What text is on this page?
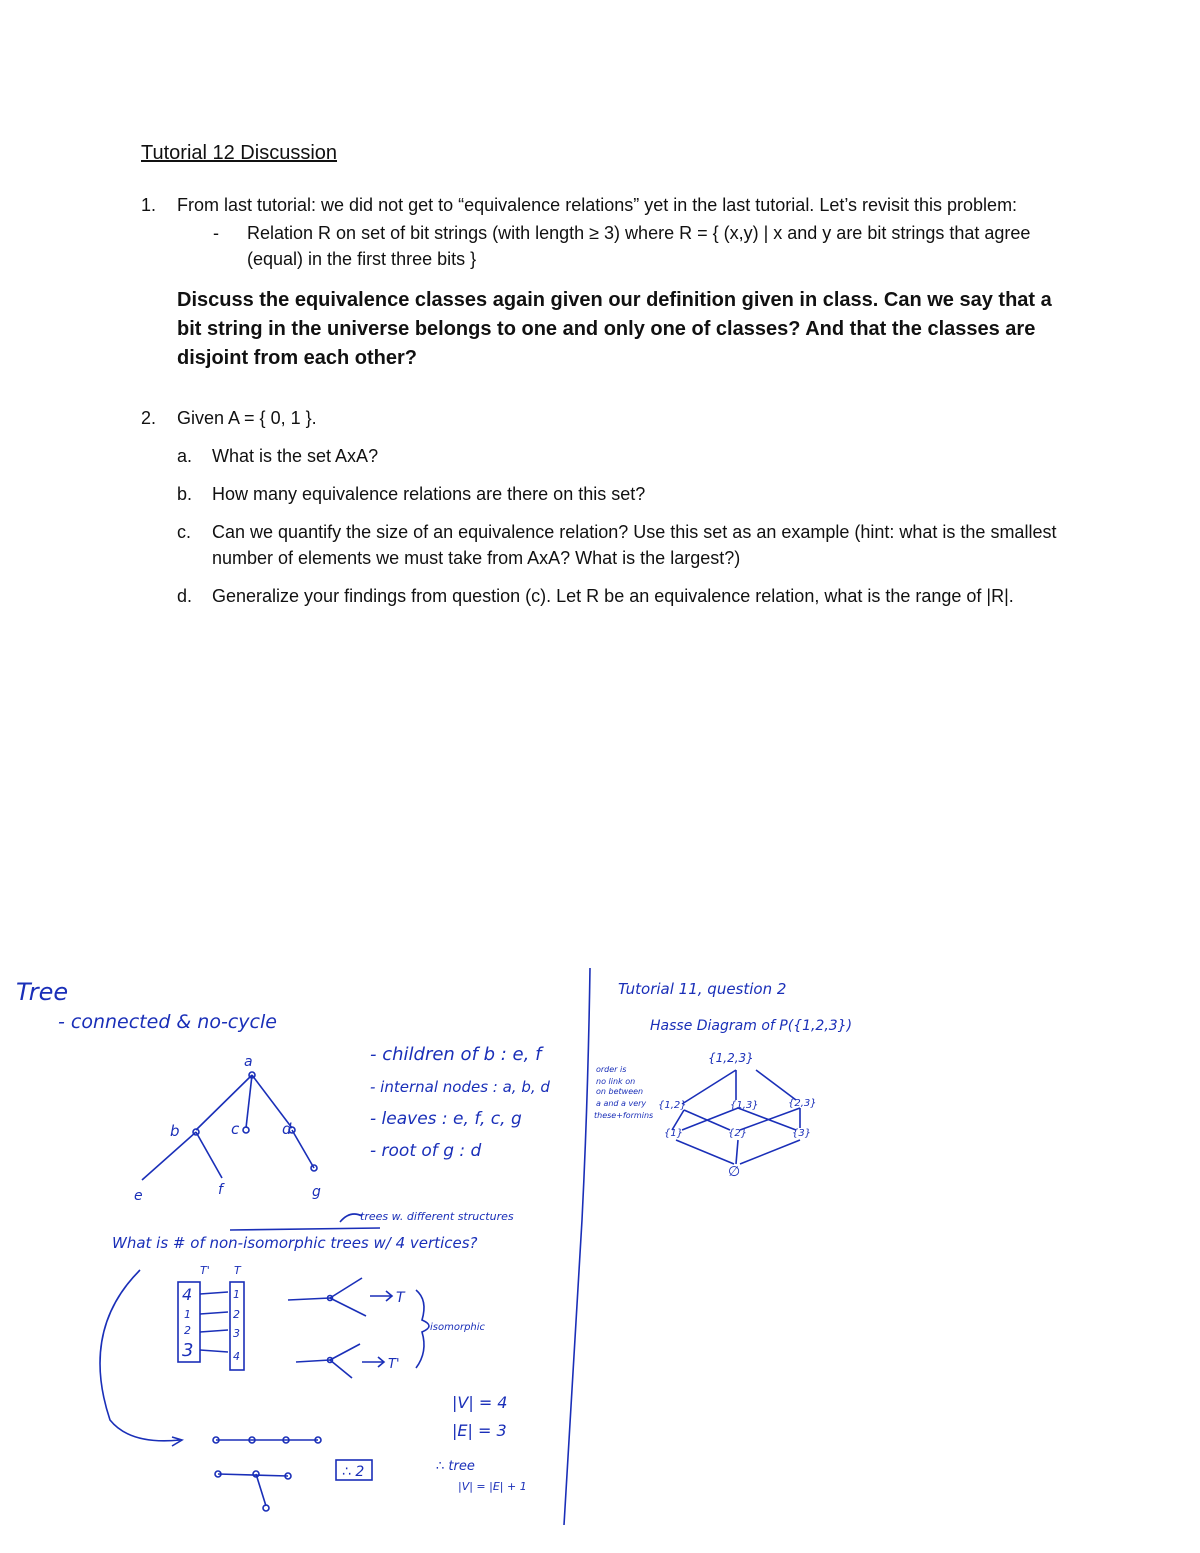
Tutorial 12 Discussion
1. From last tutorial: we did not get to “equivalence relations” yet in the last tutorial. Let’s revisit this problem:
- Relation R on set of bit strings (with length ≥ 3) where R = { (x,y) | x and y are bit strings that agree (equal) in the first three bits }
Discuss the equivalence classes again given our definition given in class. Can we say that a bit string in the universe belongs to one and only one of classes? And that the classes are disjoint from each other?
2. Given A = { 0, 1 }.
a. What is the set AxA?
b. How many equivalence relations are there on this set?
c. Can we quantify the size of an equivalence relation? Use this set as an example (hint: what is the smallest number of elements we must take from AxA? What is the largest?)
d. Generalize your findings from question (c). Let R be an equivalence relation, what is the range of |R|.
Tree
- connected & no-cycle
a
b	c	d
e	f	g
- children of b : e, f
- internal nodes : a, b, d
- leaves : e, f, c, g
- root of g : d
trees w. different structures
What is # of non-isomorphic trees w/ 4 vertices?
T' T
4
1
2
3
1
2
3
4
T
T'
isomorphic
|V| = 4
|E| = 3
∴ tree
|V| = |E| + 1
∴ 2
Tutorial 11, question 2
Hasse Diagram of P({1,2,3})
order is
no link on
on between
a and a very
these+formins
{1,2,3}
{1,2}	{1,3}	{2,3}
{1}	{2}	{3}
∅
